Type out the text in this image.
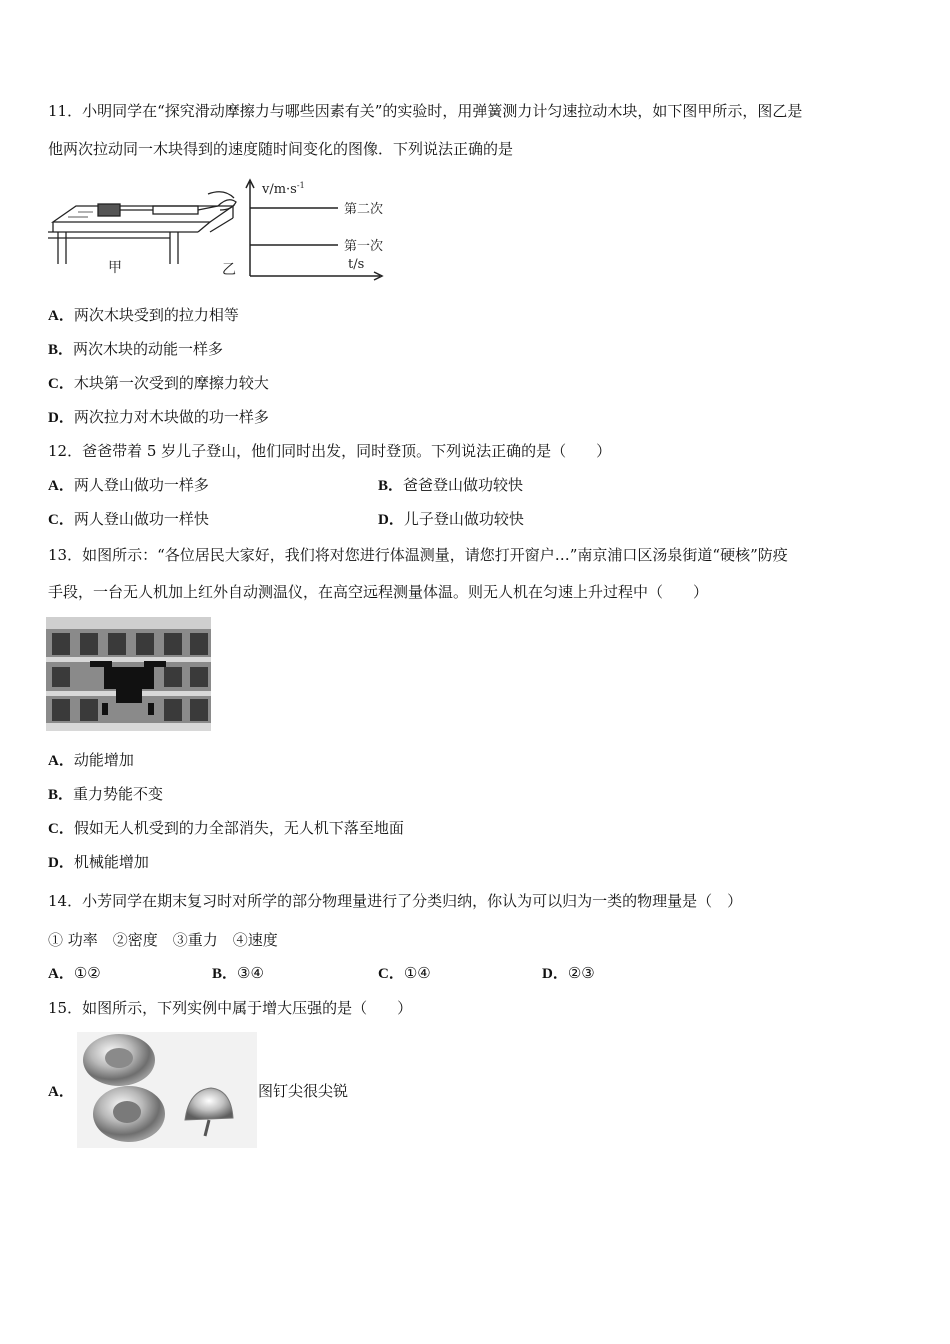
11．小明同学在“探究滑动摩擦力与哪些因素有关”的实验时，用弹簧测力计匀速拉动木块，如下图甲所示，图乙是
他两次拉动同一木块得到的速度随时间变化的图像．下列说法正确的是
甲	乙
$v/m\cdot s^{-1}$
第二次
第一次
t/s
A．两次木块受到的拉力相等
B．两次木块的动能一样多
C．木块第一次受到的摩擦力较大
D．两次拉力对木块做的功一样多
12．爸爸带着 5 岁儿子登山，他们同时出发，同时登顶。下列说法正确的是（　　）
A．两人登山做功一样多	B．爸爸登山做功较快
C．两人登山做功一样快	D．儿子登山做功较快
13．如图所示：“各位居民大家好，我们将对您进行体温测量，请您打开窗户…”南京浦口区汤泉街道“硬核”防疫
手段，一台无人机加上红外自动测温仪，在高空远程测量体温。则无人机在匀速上升过程中（　　）
A．动能增加
B．重力势能不变
C．假如无人机受到的力全部消失，无人机下落至地面
D．机械能增加
14．小芳同学在期末复习时对所学的部分物理量进行了分类归纳，你认为可以归为一类的物理量是（　）
① 功率　②密度　③重力　④速度
A．①②	B．③④	C．①④	D．②③
15．如图所示，下列实例中属于增大压强的是（　　）
A．	图钉尖很尖锐
